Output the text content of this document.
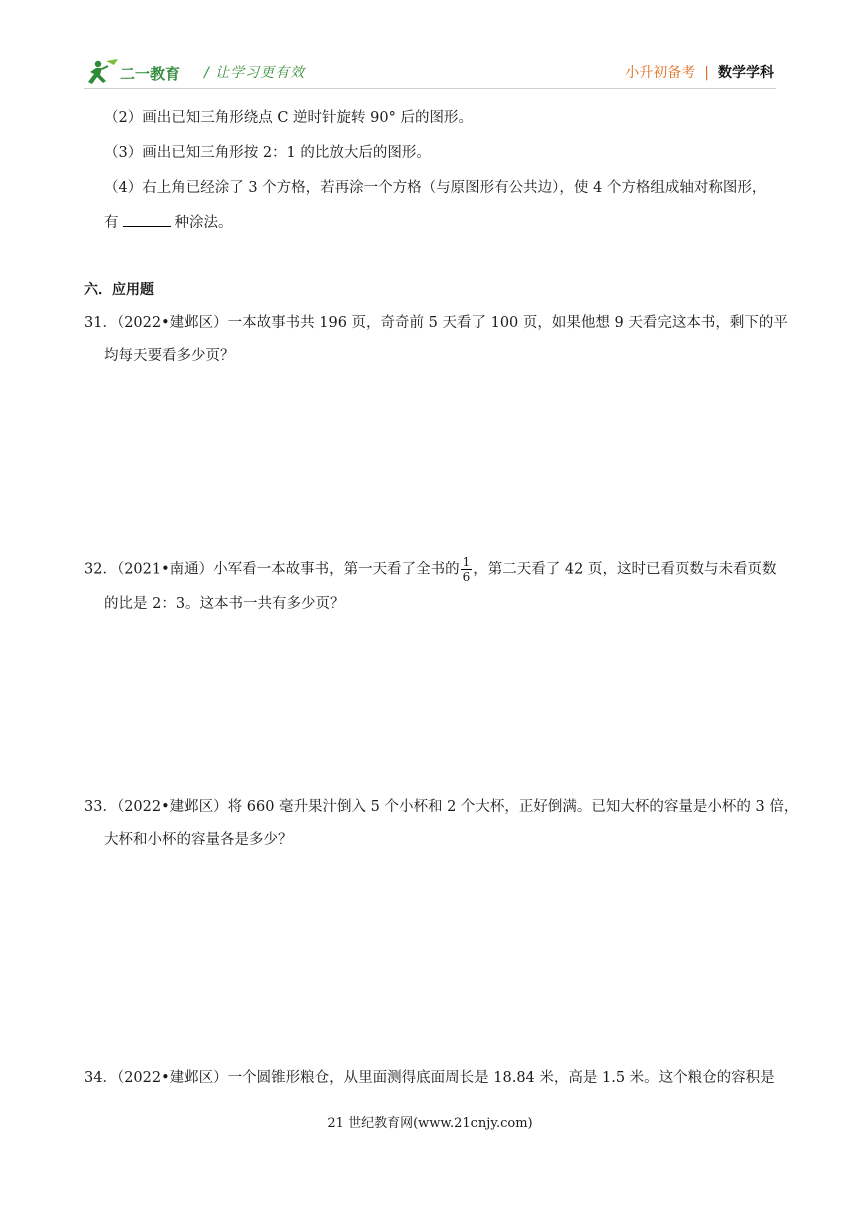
二一教育 / 让学习更有效	小升初备考 | 数学学科
（2）画出已知三角形绕点 C 逆时针旋转 90° 后的图形。
（3）画出已知三角形按 2：1 的比放大后的图形。
（4）右上角已经涂了 3 个方格，若再涂一个方格（与原图形有公共边），使 4 个方格组成轴对称图形，
有	种涂法。
六．应用题
31．（2022•建邺区）一本故事书共 196 页，奇奇前 5 天看了 100 页，如果他想 9 天看完这本书，剩下的平
均每天要看多少页？
32．（2021•南通）小军看一本故事书，第一天看了全书的 $\frac{1}{6}$ ，第二天看了 42 页，这时已看页数与未看页数
的比是 2：3。这本书一共有多少页？
33．（2022•建邺区）将 660 毫升果汁倒入 5 个小杯和 2 个大杯，正好倒满。已知大杯的容量是小杯的 3 倍，
大杯和小杯的容量各是多少？
34．（2022•建邺区）一个圆锥形粮仓，从里面测得底面周长是 18.84 米，高是 1.5 米。这个粮仓的容积是
21 世纪教育网(www.21cnjy.com)
